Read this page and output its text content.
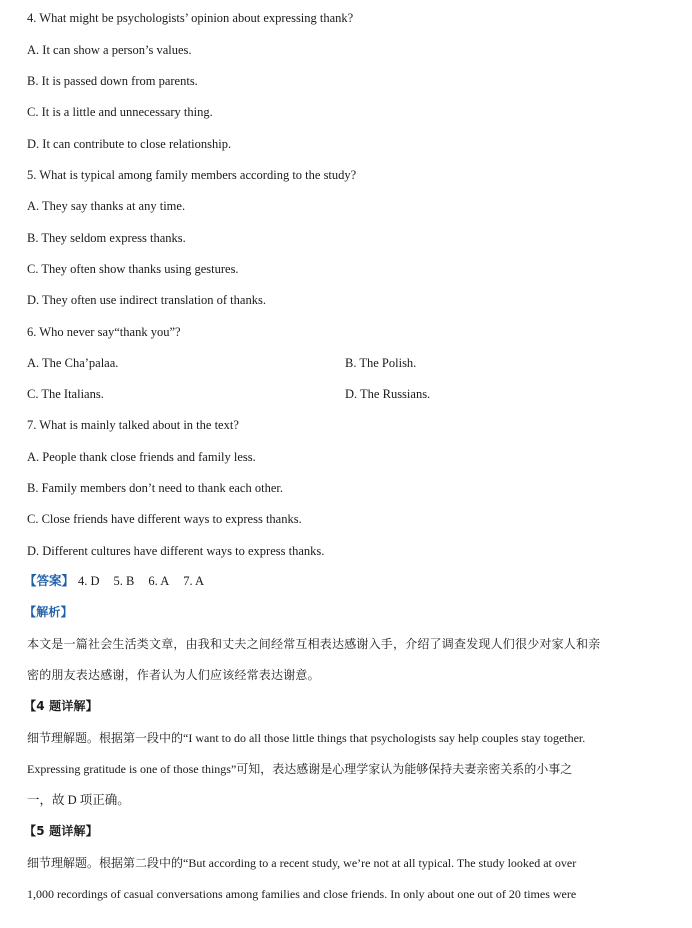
4. What might be psychologists’ opinion about expressing thank?
A. It can show a person’s values.
B. It is passed down from parents.
C. It is a little and unnecessary thing.
D. It can contribute to close relationship.
5. What is typical among family members according to the study?
A. They say thanks at any time.
B. They seldom express thanks.
C. They often show thanks using gestures.
D. They often use indirect translation of thanks.
6. Who never say“thank you”?
A. The Cha’palaa.	B. The Polish.
C. The Italians.	D. The Russians.
7. What is mainly talked about in the text?
A. People thank close friends and family less.
B. Family members don’t need to thank each other.
C. Close friends have different ways to express thanks.
D. Different cultures have different ways to express thanks.
【答案】 4. D 5. B 6. A 7. A
【解析】
本文是一篇社会生活类文章，由我和丈夫之间经常互相表达感谢入手，介绍了调查发现人们很少对家人和亲
密的朋友表达感谢，作者认为人们应该经常表达谢意。
【4 题详解】
细节理解题。根据第一段中的“I want to do all those little things that psychologists say help couples stay together.
Expressing gratitude is one of those things”可知，表达感谢是心理学家认为能够保持夫妻亲密关系的小事之
一，故 D 项正确。
【5 题详解】
细节理解题。根据第二段中的“But according to a recent study, we’re not at all typical. The study looked at over
1,000 recordings of casual conversations among families and close friends. In only about one out of 20 times were
